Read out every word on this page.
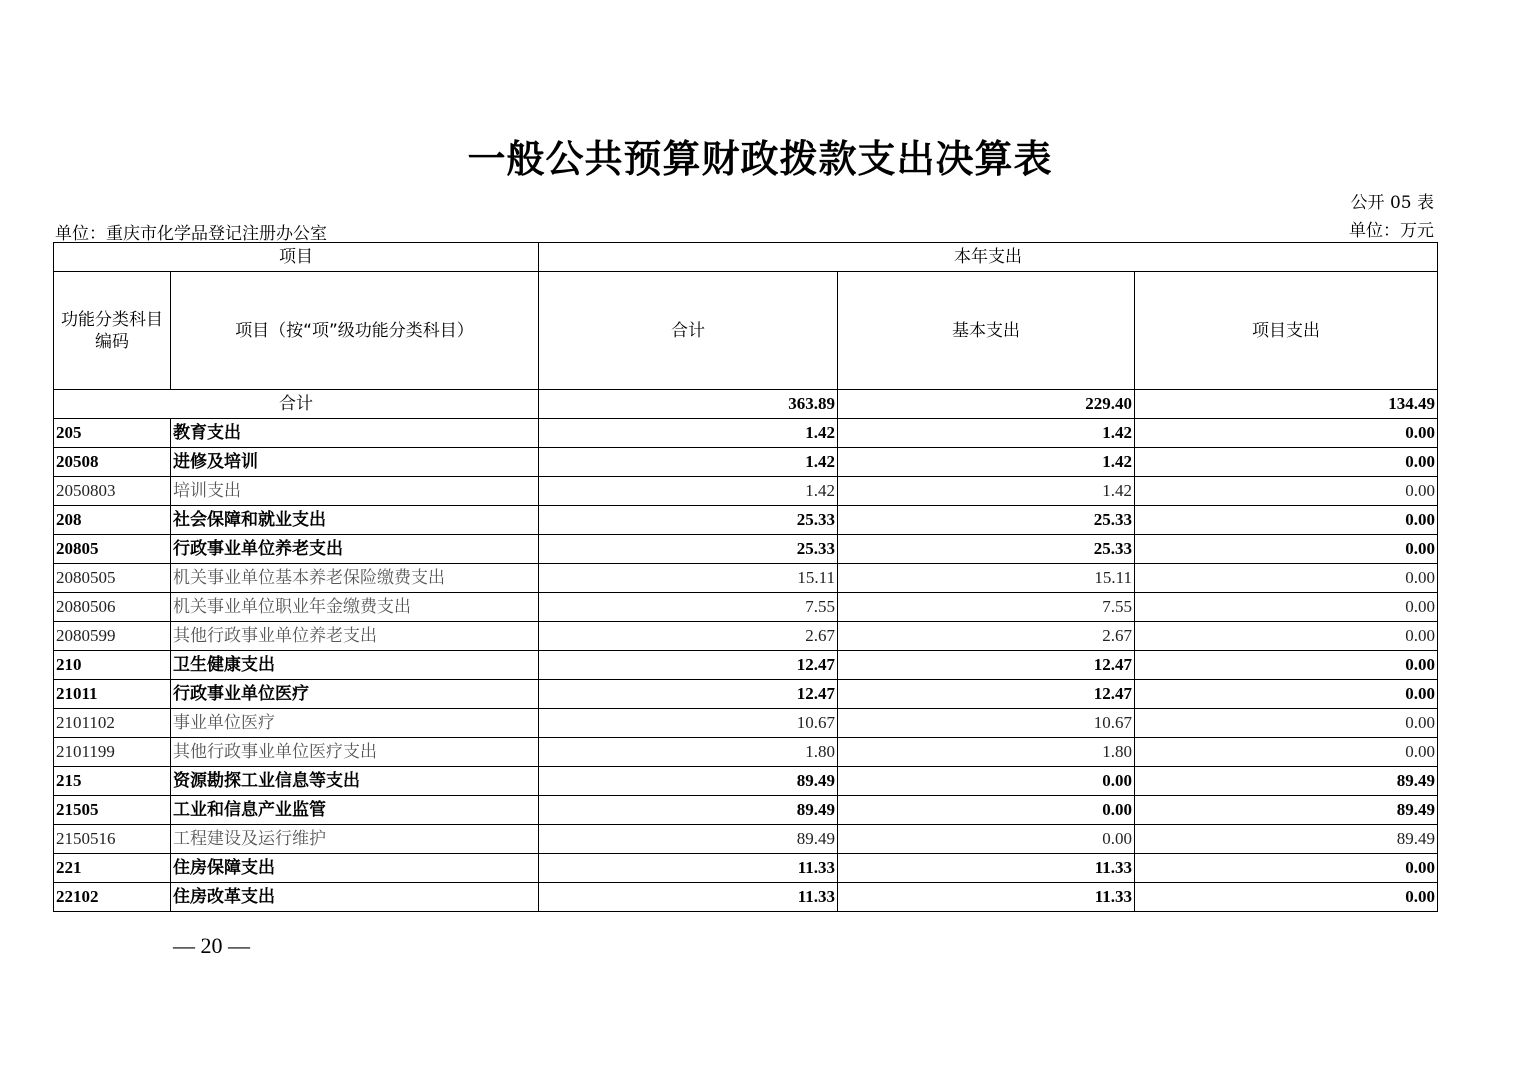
一般公共预算财政拨款支出决算表
公开 05 表
单位：重庆市化学品登记注册办公室	单位：万元
项目		本年支出		
功能分类科目编码	项目（按“项”级功能分类科目）	合计	基本支出	项目支出
合计		363.89	229.40	134.49
205	教育支出	1.42	1.42	0.00
20508	进修及培训	1.42	1.42	0.00
2050803	培训支出	1.42	1.42	0.00
208	社会保障和就业支出	25.33	25.33	0.00
20805	行政事业单位养老支出	25.33	25.33	0.00
2080505	机关事业单位基本养老保险缴费支出	15.11	15.11	0.00
2080506	机关事业单位职业年金缴费支出	7.55	7.55	0.00
2080599	其他行政事业单位养老支出	2.67	2.67	0.00
210	卫生健康支出	12.47	12.47	0.00
21011	行政事业单位医疗	12.47	12.47	0.00
2101102	事业单位医疗	10.67	10.67	0.00
2101199	其他行政事业单位医疗支出	1.80	1.80	0.00
215	资源勘探工业信息等支出	89.49	0.00	89.49
21505	工业和信息产业监管	89.49	0.00	89.49
2150516	工程建设及运行维护	89.49	0.00	89.49
221	住房保障支出	11.33	11.33	0.00
22102	住房改革支出	11.33	11.33	0.00
— 20 —
